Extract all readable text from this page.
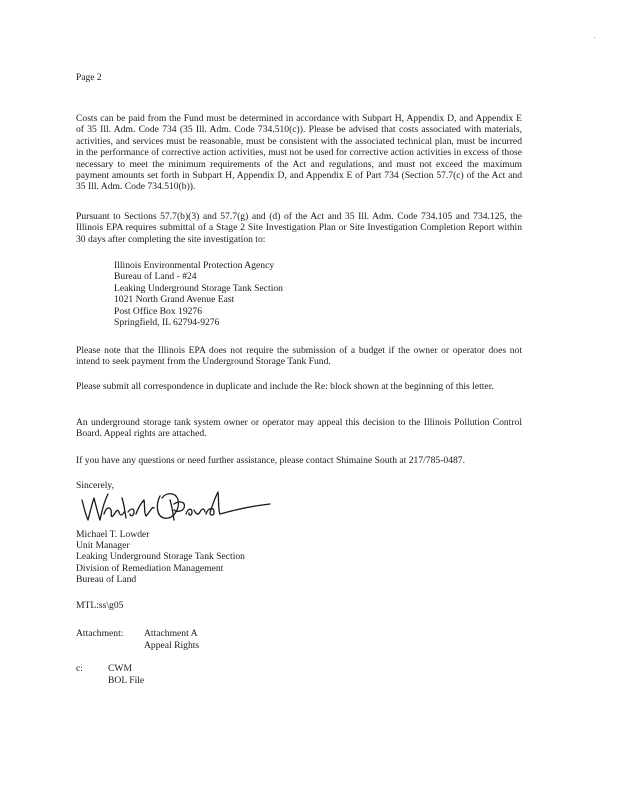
.
Page 2

Costs can be paid from the Fund must be determined in accordance with Subpart H, Appendix D, and Appendix E of 35 Ill. Adm. Code 734 (35 Ill. Adm. Code 734.510(c)). Please be advised that costs associated with materials, activities, and services must be reasonable, must be consistent with the associated technical plan, must be incurred in the performance of corrective action activities, must not be used for corrective action activities in excess of those necessary to meet the minimum requirements of the Act and regulations, and must not exceed the maximum payment amounts set forth in Subpart H, Appendix D, and Appendix E of Part 734 (Section 57.7(c) of the Act and 35 Ill. Adm. Code 734.510(b)).

Pursuant to Sections 57.7(b)(3) and 57.7(g) and (d) of the Act and 35 Ill. Adm. Code 734.105 and 734.125, the Illinois EPA requires submittal of a Stage 2 Site Investigation Plan or Site Investigation Completion Report within 30 days after completing the site investigation to:

Illinois Environmental Protection Agency
Bureau of Land - #24
Leaking Underground Storage Tank Section
1021 North Grand Avenue East
Post Office Box 19276
Springfield, IL 62794-9276

Please note that the Illinois EPA does not require the submission of a budget if the owner or operator does not intend to seek payment from the Underground Storage Tank Fund.

Please submit all correspondence in duplicate and include the Re: block shown at the beginning of this letter.

An underground storage tank system owner or operator may appeal this decision to the Illinois Pollution Control Board. Appeal rights are attached.

If you have any questions or need further assistance, please contact Shimaine South at 217/785-0487.

Sincerely,
Michael T. Lowder
Unit Manager
Leaking Underground Storage Tank Section
Division of Remediation Management
Bureau of Land
MTL:ss\g05
Attachment: Attachment A
Appeal Rights
c:	CWM
BOL File
